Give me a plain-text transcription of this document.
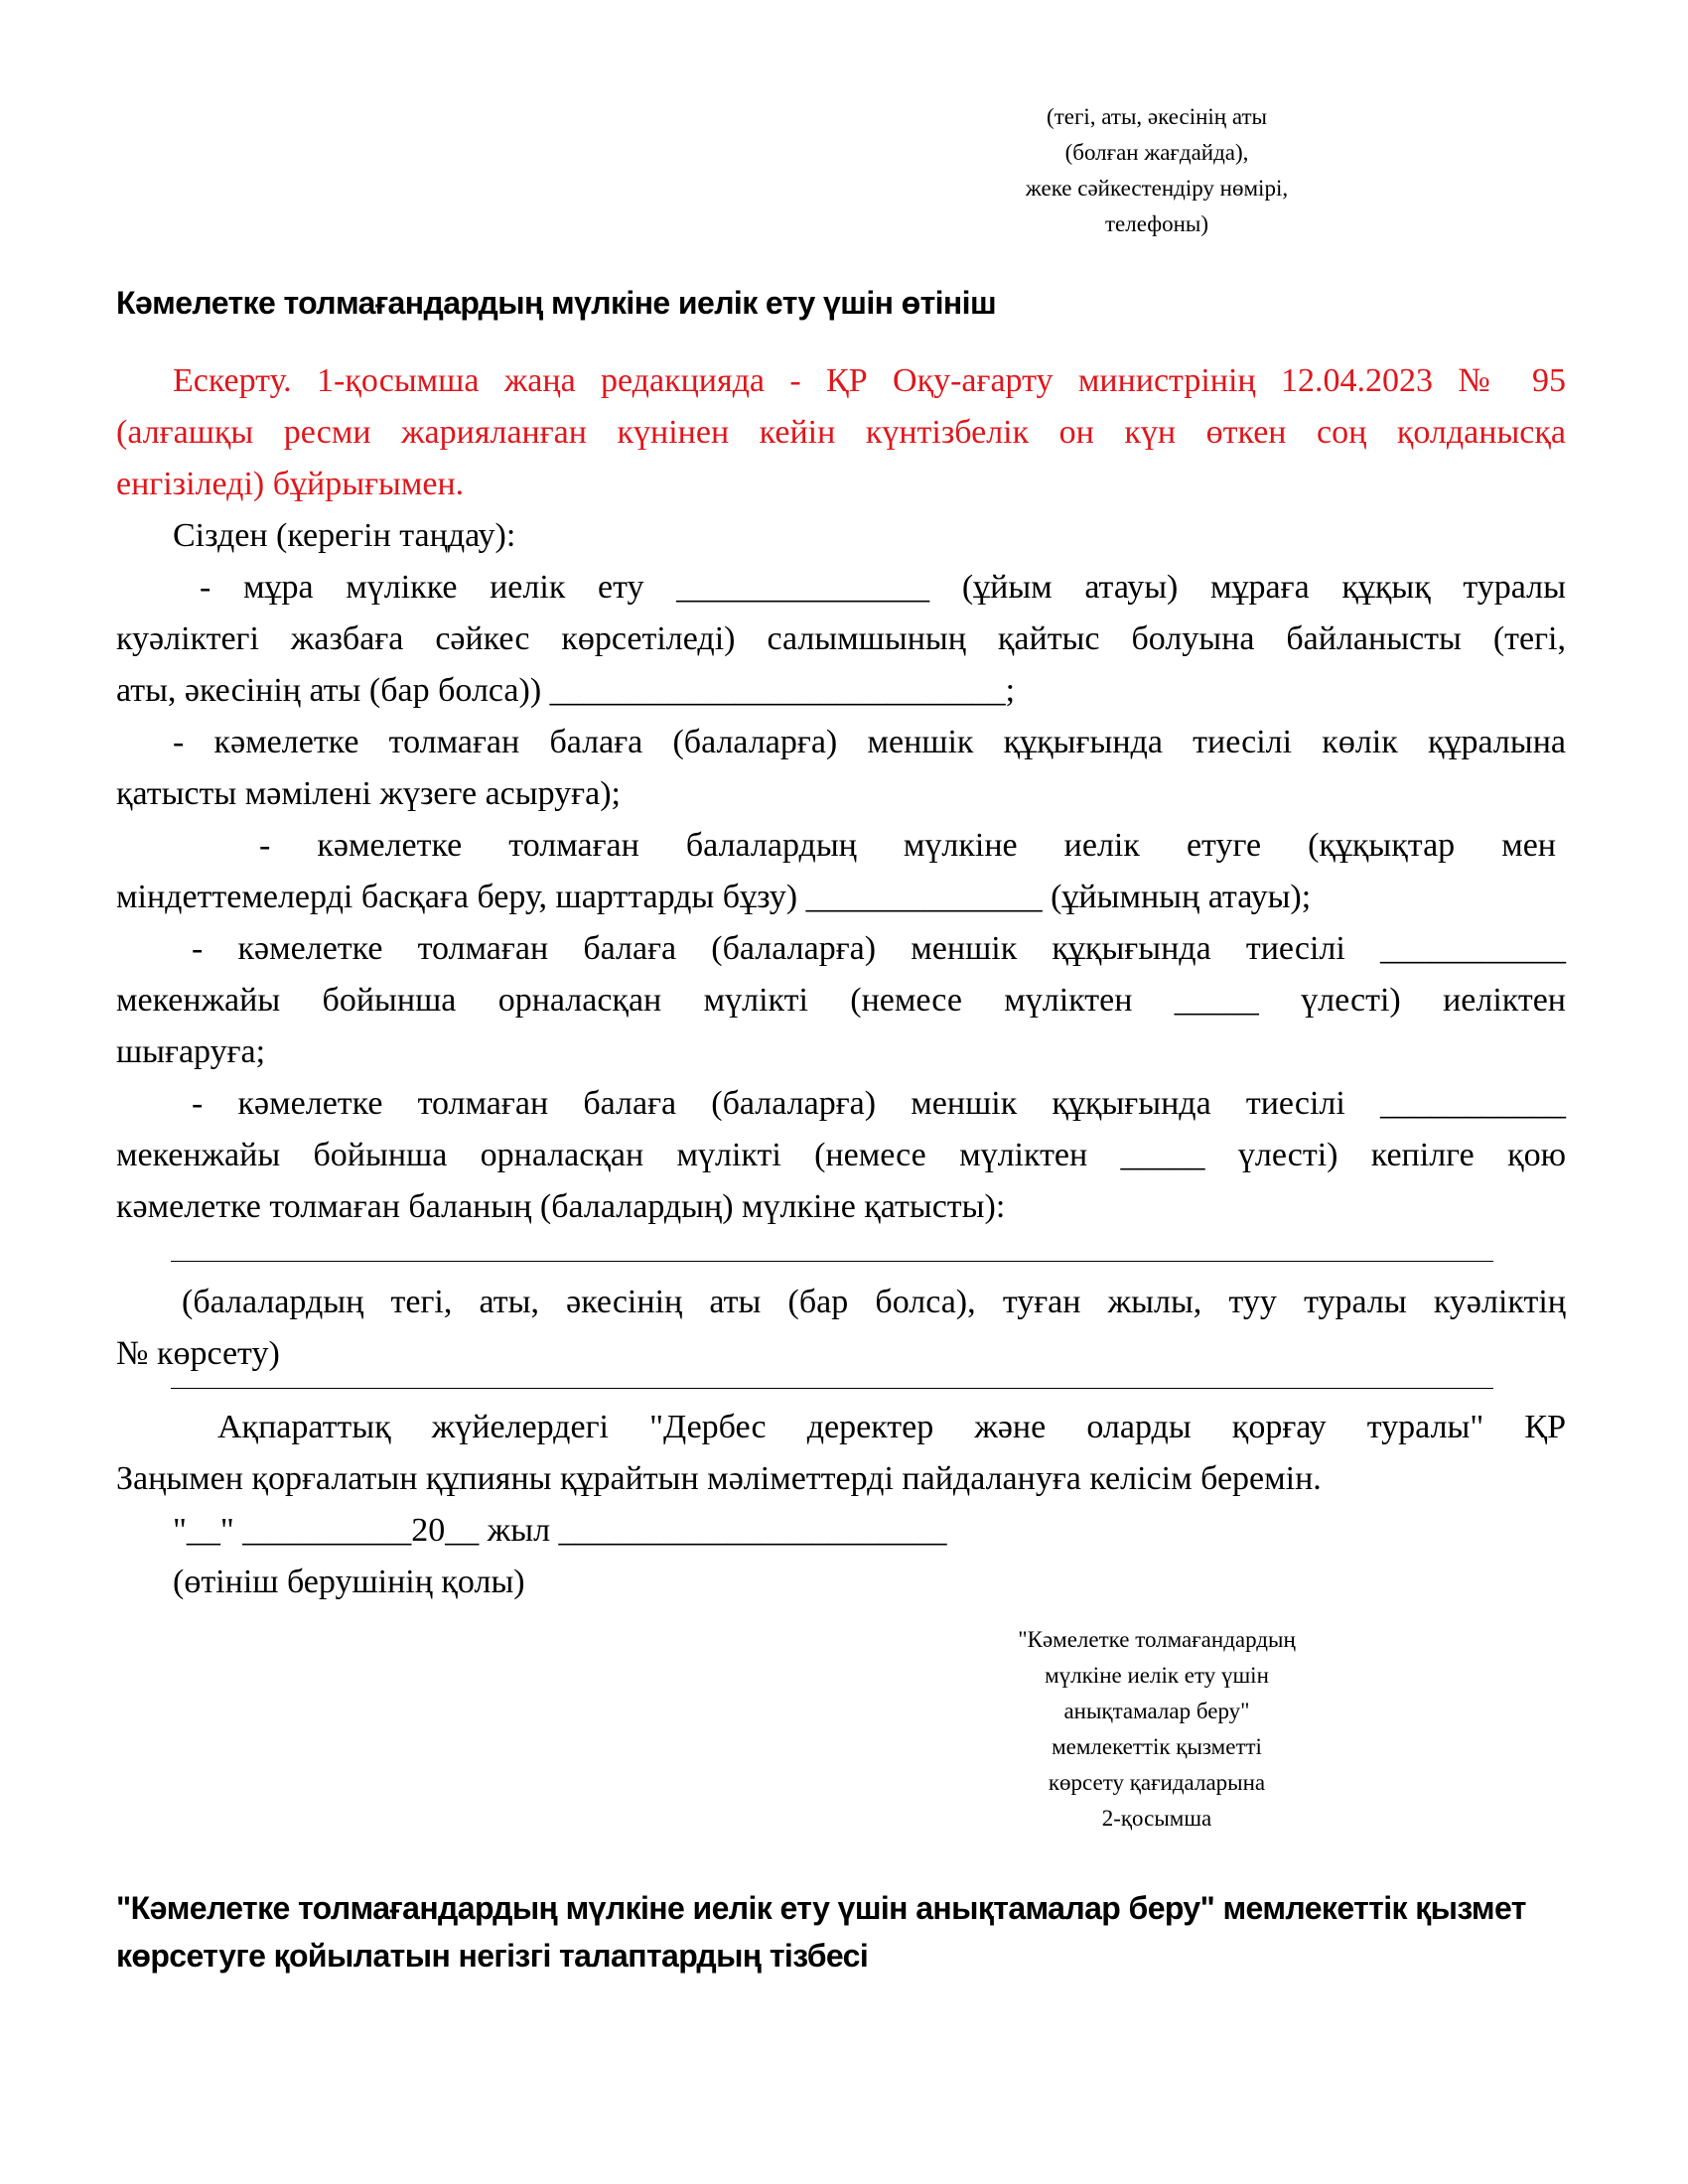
(тегі, аты, әкесінің аты
(болған жағдайда),
жеке сәйкестендіру нөмірі,
телефоны)
Кәмелетке толмағандардың мүлкіне иелік ету үшін өтініш
Ескерту. 1-қосымша жаңа редакцияда - ҚР Оқу-ағарту министрінің 12.04.2023 № 95
(алғашқы ресми жарияланған күнінен кейін күнтізбелік он күн өткен соң қолданысқа
енгізіледі) бұйрығымен.
Сізден (керегін таңдау):
- мұра мүлікке иелік ету _______________ (ұйым атауы) мұраға құқық туралы
куәліктегі жазбаға сәйкес көрсетіледі) салымшының қайтыс болуына байланысты (тегі,
аты, әкесінің аты (бар болса)) ___________________________;
- кәмелетке толмаған балаға (балаларға) меншік құқығында тиесілі көлік құралына
қатысты мәмілені жүзеге асыруға);
- кәмелетке толмаған балалардың мүлкіне иелік етуге (құқықтар мен
міндеттемелерді басқаға беру, шарттарды бұзу) ______________ (ұйымның атауы);
- кәмелетке толмаған балаға (балаларға) меншік құқығында тиесілі ___________
мекенжайы бойынша орналасқан мүлікті (немесе мүліктен _____ үлесті) иеліктен
шығаруға;
- кәмелетке толмаған балаға (балаларға) меншік құқығында тиесілі ___________
мекенжайы бойынша орналасқан мүлікті (немесе мүліктен _____ үлесті) кепілге қою
кәмелетке толмаған баланың (балалардың) мүлкіне қатысты):
(балалардың тегі, аты, әкесінің аты (бар болса), туған жылы, туу туралы куәліктің
№ көрсету)
Ақпараттық жүйелердегі "Дербес деректер және оларды қорғау туралы" ҚР
Заңымен қорғалатын құпияны құрайтын мәліметтерді пайдалануға келісім беремін.
"__" __________20__ жыл _______________________
(өтініш берушінің қолы)
"Кәмелетке толмағандардың
мүлкіне иелік ету үшін
анықтамалар беру"
мемлекеттік қызметті
көрсету қағидаларына
2-қосымша
"Кәмелетке толмағандардың мүлкіне иелік ету үшін анықтамалар беру" мемлекеттік қызмет
көрсетуге қойылатын негізгі талаптардың тізбесі
